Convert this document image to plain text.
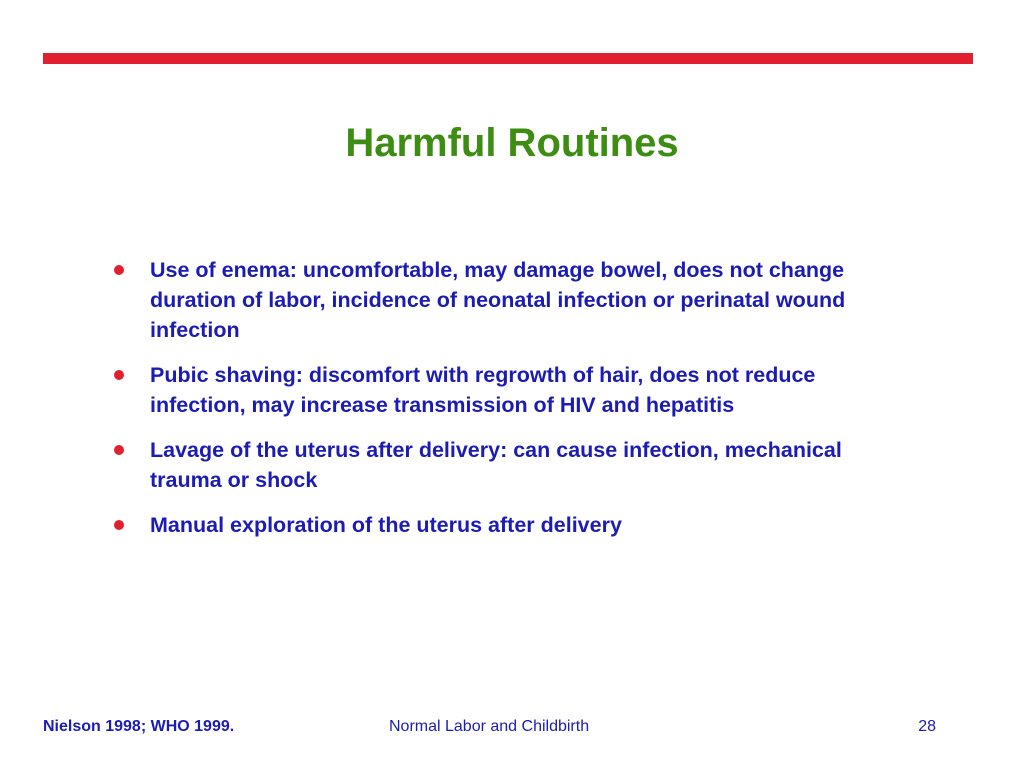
Harmful Routines
Use of enema: uncomfortable, may damage bowel, does not change duration of labor, incidence of neonatal infection or perinatal wound infection
Pubic shaving: discomfort with regrowth of hair, does not reduce infection, may increase transmission of HIV and hepatitis
Lavage of the uterus after delivery: can cause infection, mechanical trauma or shock
Manual exploration of the uterus after delivery
Nielson 1998; WHO 1999.	Normal Labor and Childbirth	28
